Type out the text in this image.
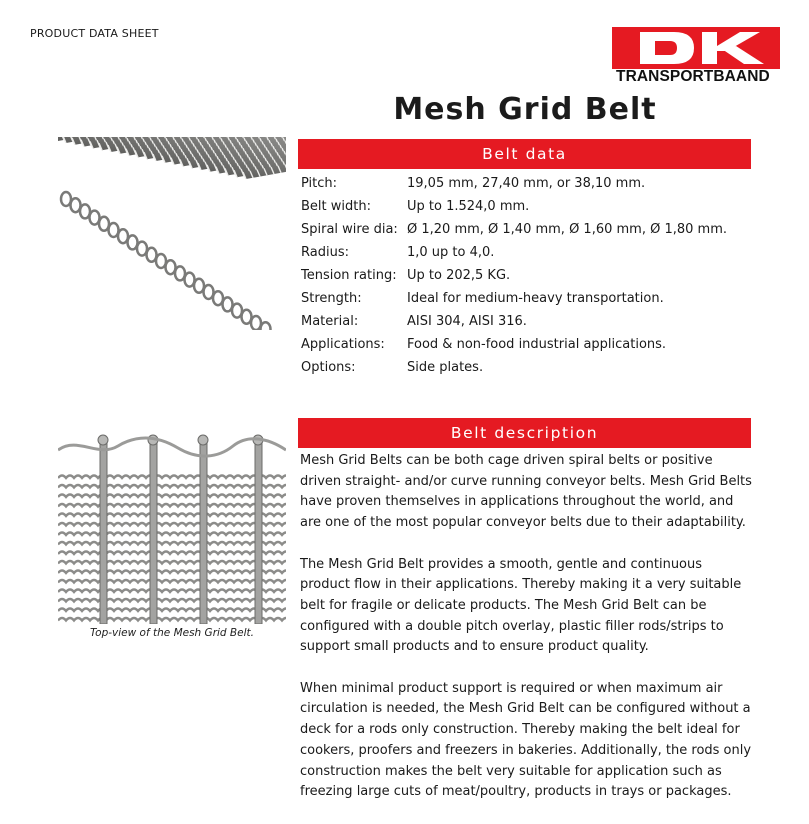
PRODUCT DATA SHEET
TRANSPORTBAAND
Mesh Grid Belt
Belt data
Pitch:	19,05 mm, 27,40 mm, or 38,10 mm.
Belt width:	Up to 1.524,0 mm.
Spiral wire dia: Ø 1,20 mm, Ø 1,40 mm, Ø 1,60 mm, Ø 1,80 mm.
Radius:	1,0 up to 4,0.
Tension rating: Up to 202,5 KG.
Strength:	Ideal for medium-heavy transportation.
Material:	AISI 304, AISI 316.
Applications:	Food & non-food industrial applications.
Options:	Side plates.
Top-view of the Mesh Grid Belt.
Belt description

Mesh Grid Belts can be both cage driven spiral belts or positive driven straight- and/or curve running conveyor belts. Mesh Grid Belts have proven themselves in applications throughout the world, and are one of the most popular conveyor belts due to their adaptability.

The Mesh Grid Belt provides a smooth, gentle and continuous product flow in their applications. Thereby making it a very suitable belt for fragile or delicate products. The Mesh Grid Belt can be configured with a double pitch overlay, plastic filler rods/strips to support small products and to ensure product quality.

When minimal product support is required or when maximum air circulation is needed, the Mesh Grid Belt can be configured without a deck for a rods only construction. Thereby making the belt ideal for cookers, proofers and freezers in bakeries. Additionally, the rods only construction makes the belt very suitable for application such as freezing large cuts of meat/poultry, products in trays or packages.
